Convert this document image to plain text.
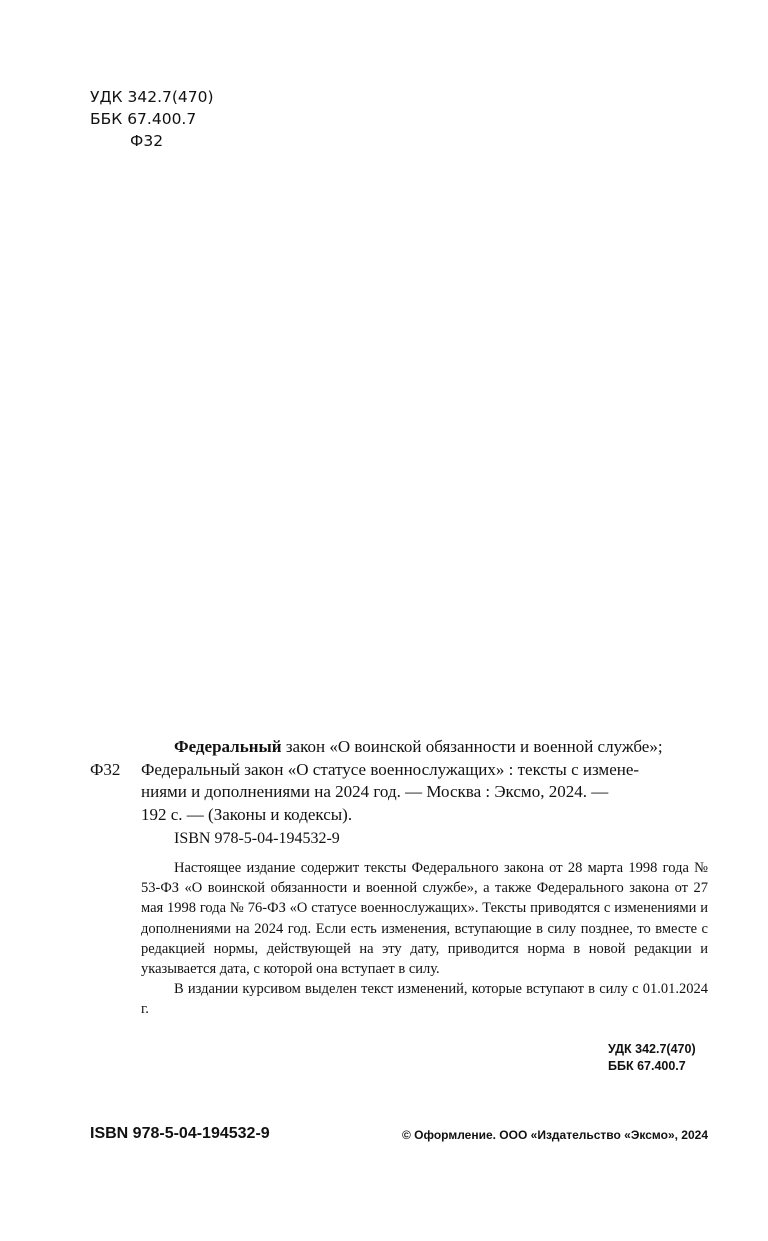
УДК 342.7(470)
ББК 67.400.7
Ф32
Ф32
Федеральный закон «О воинской обязанности и военной службе»;
Федеральный закон «О статусе военнослужащих» : тексты с измене-
ниями и дополнениями на 2024 год. — Москва : Эксмо, 2024. —
192 с. — (Законы и кодексы).
ISBN 978-5-04-194532-9

Настоящее издание содержит тексты Федерального закона от 28 марта 1998 года № 53-ФЗ «О воинской обязанности и военной службе», а также Федерального закона от 27 мая 1998 года № 76-ФЗ «О статусе военнослужащих». Тексты приводятся с изменениями и дополнениями на 2024 год. Если есть изменения, вступающие в силу позднее, то вместе с редакцией нормы, действующей на эту дату, приводится норма в новой редакции и указывается дата, с которой она вступает в силу.

В издании курсивом выделен текст изменений, которые вступают в силу с 01.01.2024 г.

УДК 342.7(470)
ББК 67.400.7
ISBN 978-5-04-194532-9	© Оформление. ООО «Издательство «Эксмо», 2024
